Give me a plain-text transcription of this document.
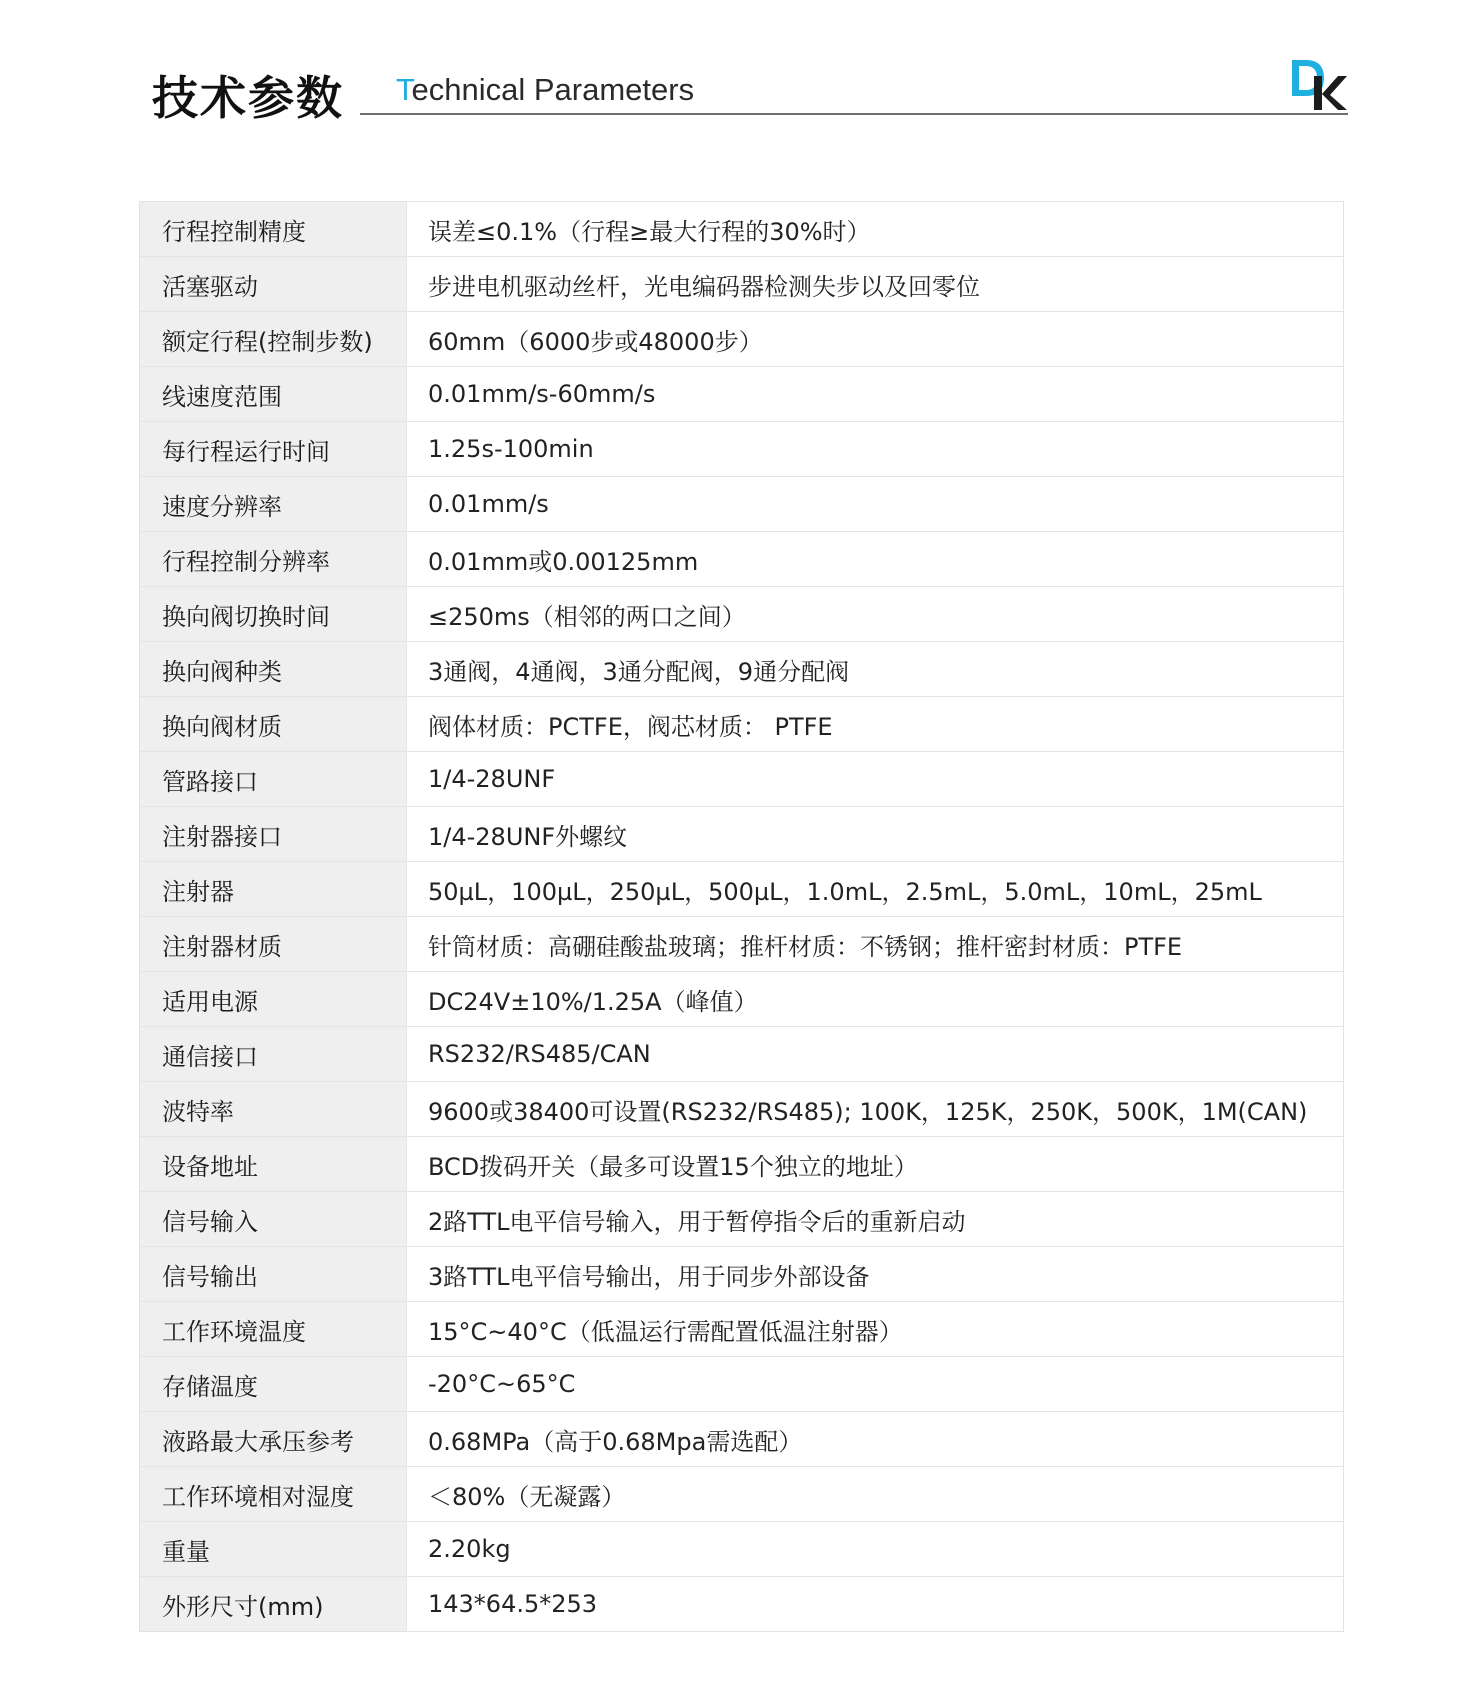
技术参数 Technical Parameters
行程控制精度	误差≤0.1%（行程≥最大行程的30%时）
活塞驱动	步进电机驱动丝杆，光电编码器检测失步以及回零位
额定行程(控制步数)	60mm（6000步或48000步）
线速度范围	0.01mm/s-60mm/s
每行程运行时间	1.25s-100min
速度分辨率	0.01mm/s
行程控制分辨率	0.01mm或0.00125mm
换向阀切换时间	≤250ms（相邻的两口之间）
换向阀种类	3通阀，4通阀，3通分配阀，9通分配阀
换向阀材质	阀体材质：PCTFE，阀芯材质： PTFE
管路接口	1/4-28UNF
注射器接口	1/4-28UNF外螺纹
注射器	50µL，100µL，250µL，500µL，1.0mL，2.5mL，5.0mL，10mL，25mL
注射器材质	针筒材质：高硼硅酸盐玻璃；推杆材质：不锈钢；推杆密封材质：PTFE
适用电源	DC24V±10%/1.25A（峰值）
通信接口	RS232/RS485/CAN
波特率	9600或38400可设置(RS232/RS485); 100K，125K，250K，500K，1M(CAN)
设备地址	BCD拨码开关（最多可设置15个独立的地址）
信号输入	2路TTL电平信号输入，用于暂停指令后的重新启动
信号输出	3路TTL电平信号输出，用于同步外部设备
工作环境温度	15°C~40°C（低温运行需配置低温注射器）
存储温度	-20°C~65°C
液路最大承压参考	0.68MPa（高于0.68Mpa需选配）
工作环境相对湿度	＜80%（无凝露）
重量	2.20kg
外形尺寸(mm)	143*64.5*253
